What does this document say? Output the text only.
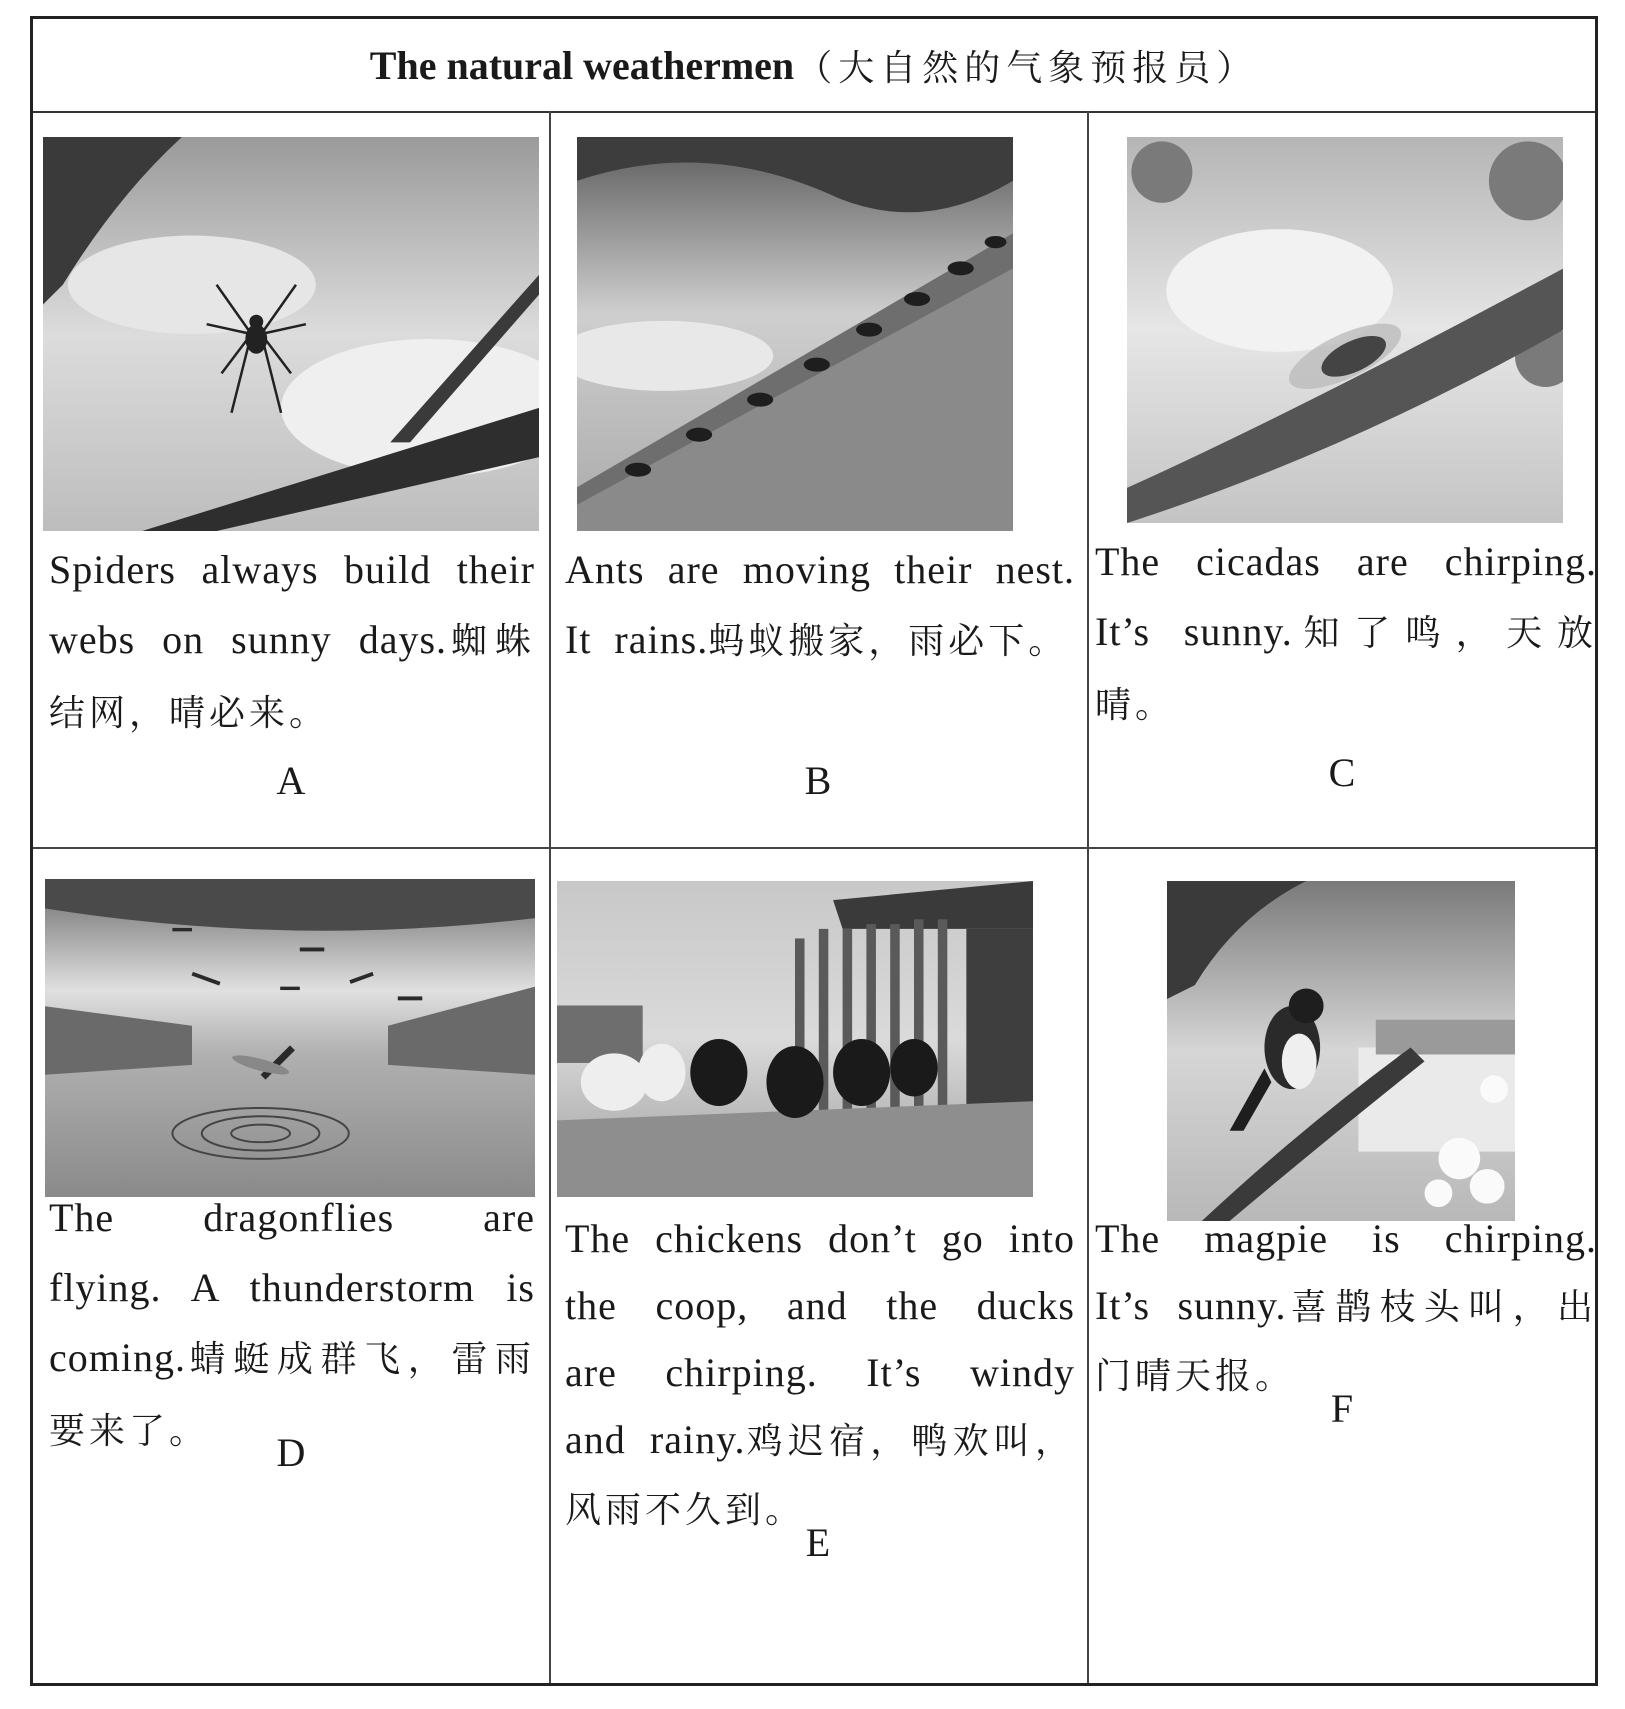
The natural weathermen （大自然的气象预报员）
Spiders always build their webs on sunny days.蜘蛛结网，晴必来。
A
Ants are moving their nest. It rains.蚂蚁搬家，雨必下。
B
The cicadas are chirping. It’s sunny.知了鸣，天放晴。
C
The dragonflies are flying. A thunderstorm is coming.蜻蜓成群飞，雷雨要来了。	D
The chickens don’t go into the coop, and the ducks are chirping. It’s windy and rainy.鸡迟宿，鸭欢叫，风雨不久到。
E
The magpie is chirping. It’s sunny.喜鹊枝头叫，出门晴天报。
F
